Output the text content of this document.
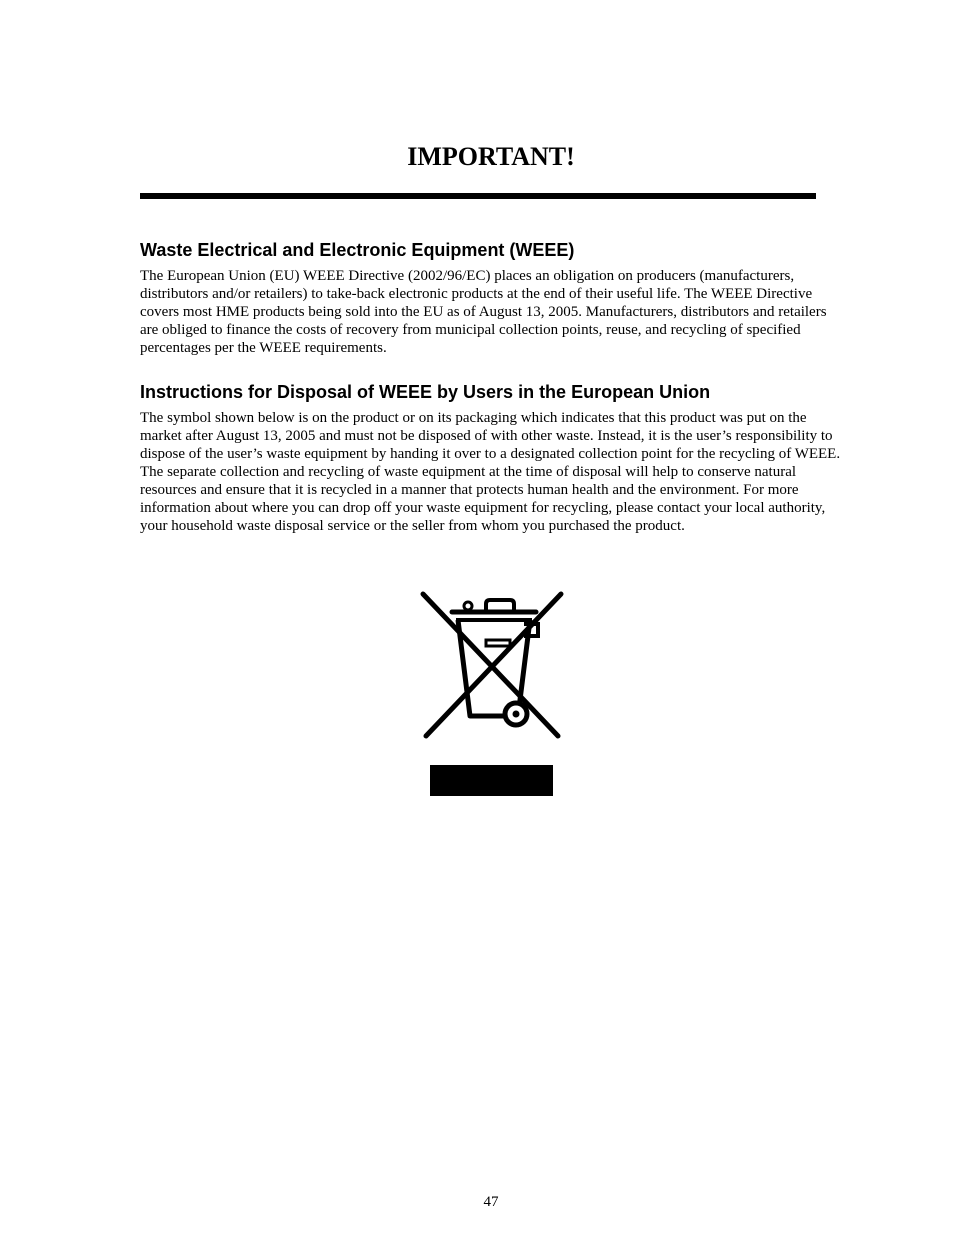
IMPORTANT!
Waste Electrical and Electronic Equipment (WEEE)

The European Union (EU) WEEE Directive (2002/96/EC) places an obligation on producers (manufacturers, distributors and/or retailers) to take-back electronic products at the end of their useful life. The WEEE Directive covers most HME products being sold into the EU as of August 13, 2005. Manufacturers, distributors and retailers are obliged to finance the costs of recovery from municipal collection points, reuse, and recycling of specified percentages per the WEEE requirements.

Instructions for Disposal of WEEE by Users in the European Union

The symbol shown below is on the product or on its packaging which indicates that this product was put on the market after August 13, 2005 and must not be disposed of with other waste. Instead, it is the user’s responsibility to dispose of the user’s waste equipment by handing it over to a designated collection point for the recycling of WEEE. The separate collection and recycling of waste equipment at the time of disposal will help to conserve natural resources and ensure that it is recycled in a manner that protects human health and the environment. For more information about where you can drop off your waste equipment for recycling, please contact your local authority, your household waste disposal service or the seller from whom you purchased the product.

47
